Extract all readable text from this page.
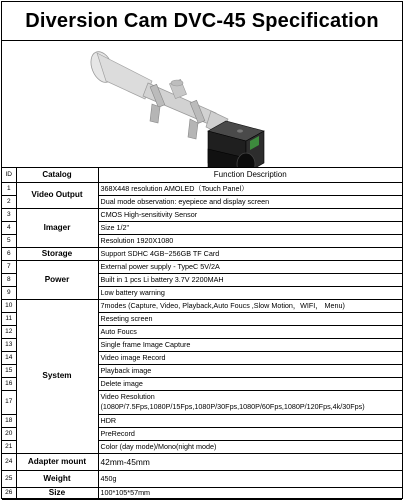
Diversion Cam DVC-45 Specification
ID	Catalog	Function Description
1	Video Output	368X448 resolution AMOLED（Touch Panel）
2		Dual mode observation: eyepiece and display screen
3	Imager	CMOS High-sensitivity Sensor
4		Size 1/2"
5		Resolution 1920X1080
6	Storage	Support SDHC 4GB~256GB TF Card
7	Power	External power supply - TypeC 5V/2A
8		Built in 1 pcs Li battery 3.7V 2200MAH
9		Low battery warning
10	System	7modes (Capture, Video, Playback,Auto Foucs ,Slow Motion，WIFI， Menu)
11		Reseting screen
12		Auto Foucs
13		Single frame Image Capture
14		Video image Record
15		Playback image
16		Delete image
17		Video Resolution
(1080P/7.5Fps,1080P/15Fps,1080P/30Fps,1080P/60Fps,1080P/120Fps,4k/30Fps)
18		HDR
20		PreRecord
21		Color (day mode)/Mono(night mode)
24	Adapter mount	42mm-45mm
25	Weight	450g
26	Size	100*105*57mm
